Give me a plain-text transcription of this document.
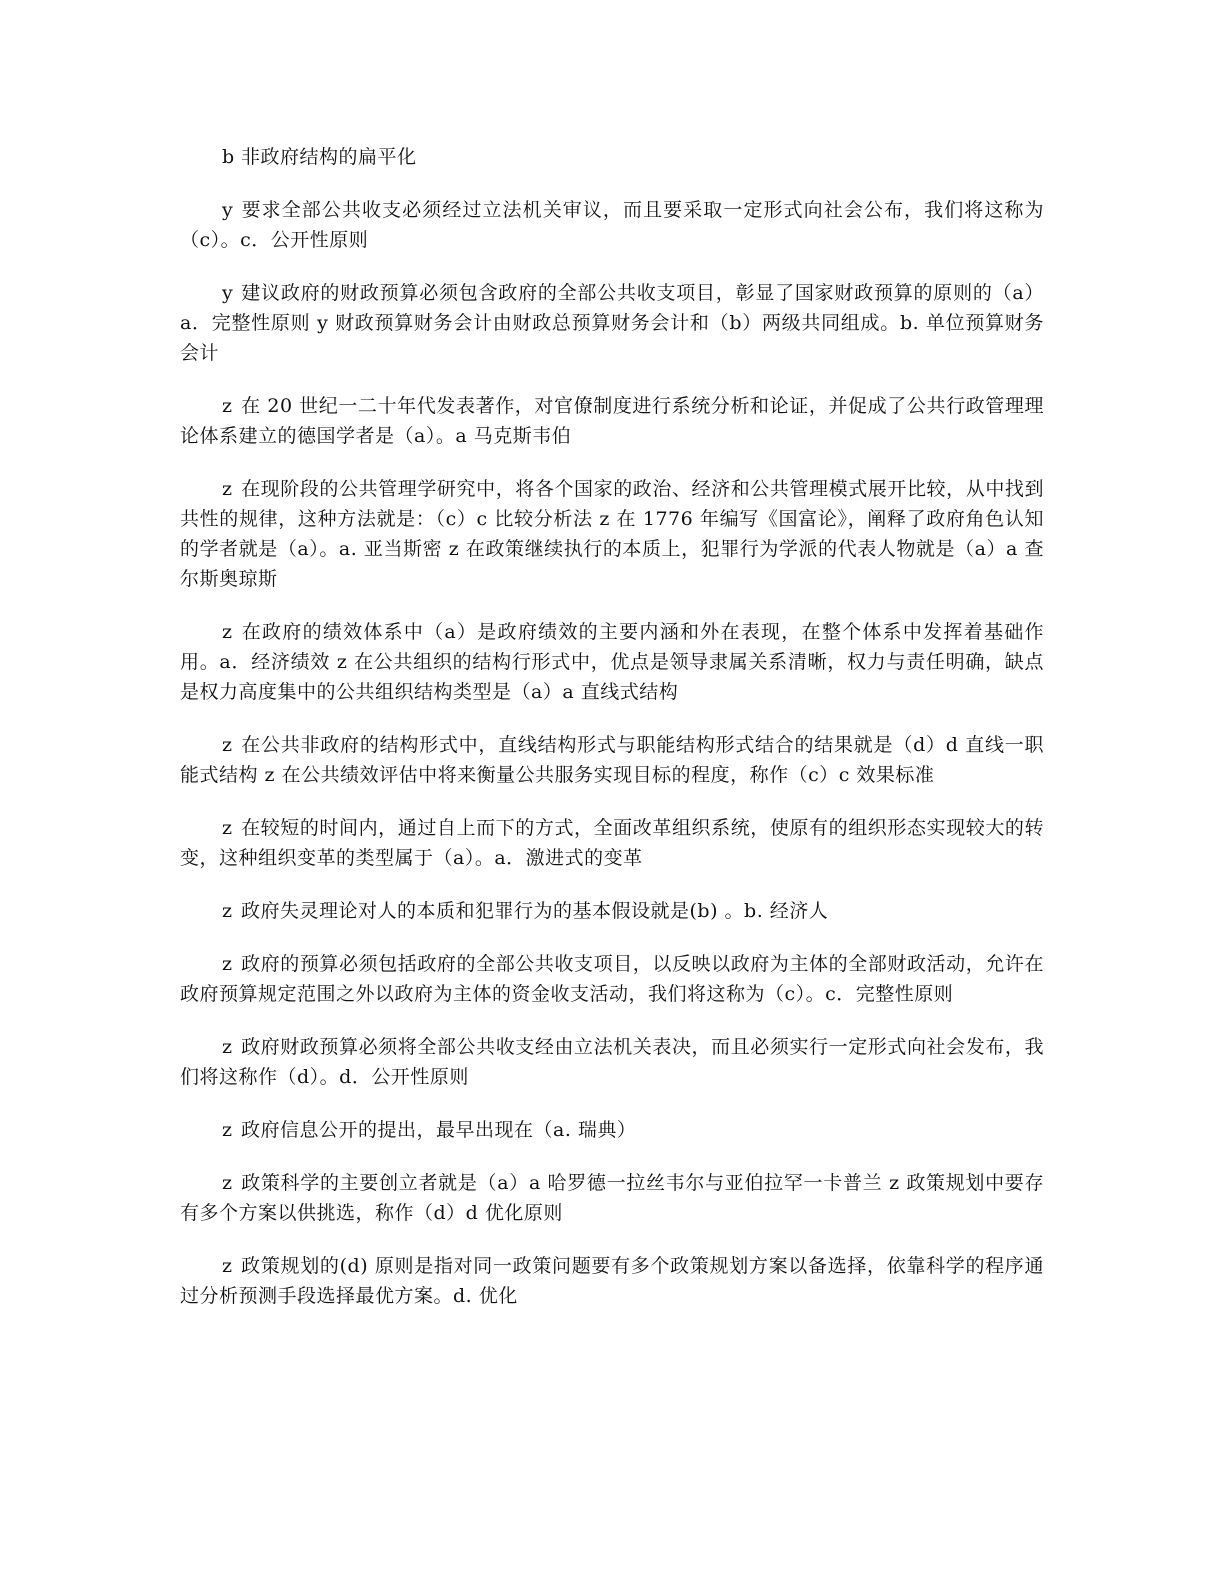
b 非政府结构的扁平化

y 要求全部公共收支必须经过立法机关审议，而且要采取一定形式向社会公布，我们将这称为（c）。c．公开性原则

y 建议政府的财政预算必须包含政府的全部公共收支项目，彰显了国家财政预算的原则的（a）a．完整性原则 y 财政预算财务会计由财政总预算财务会计和（b）两级共同组成。b. 单位预算财务会计

z 在 20 世纪一二十年代发表著作，对官僚制度进行系统分析和论证，并促成了公共行政管理理论体系建立的德国学者是（a）。a 马克斯韦伯

z 在现阶段的公共管理学研究中，将各个国家的政治、经济和公共管理模式展开比较，从中找到共性的规律，这种方法就是：（c）c 比较分析法 z 在 1776 年编写《国富论》，阐释了政府角色认知的学者就是（a）。a. 亚当斯密 z 在政策继续执行的本质上，犯罪行为学派的代表人物就是（a）a 查尔斯奥琼斯

z 在政府的绩效体系中（a）是政府绩效的主要内涵和外在表现，在整个体系中发挥着基础作用。a．经济绩效 z 在公共组织的结构行形式中，优点是领导隶属关系清晰，权力与责任明确，缺点是权力高度集中的公共组织结构类型是（a）a 直线式结构

z 在公共非政府的结构形式中，直线结构形式与职能结构形式结合的结果就是（d）d 直线一职能式结构 z 在公共绩效评估中将来衡量公共服务实现目标的程度，称作（c）c 效果标准

z 在较短的时间内，通过自上而下的方式，全面改革组织系统，使原有的组织形态实现较大的转变，这种组织变革的类型属于（a）。a．激进式的变革

z 政府失灵理论对人的本质和犯罪行为的基本假设就是(b) 。b. 经济人

z 政府的预算必须包括政府的全部公共收支项目，以反映以政府为主体的全部财政活动，允许在政府预算规定范围之外以政府为主体的资金收支活动，我们将这称为（c）。c．完整性原则

z 政府财政预算必须将全部公共收支经由立法机关表决，而且必须实行一定形式向社会发布，我们将这称作（d）。d．公开性原则

z 政府信息公开的提出，最早出现在（a. 瑞典）

z 政策科学的主要创立者就是（a）a 哈罗德一拉丝韦尔与亚伯拉罕一卡普兰 z 政策规划中要存有多个方案以供挑选，称作（d）d 优化原则

z 政策规划的(d) 原则是指对同一政策问题要有多个政策规划方案以备选择，依靠科学的程序通过分析预测手段选择最优方案。d. 优化
